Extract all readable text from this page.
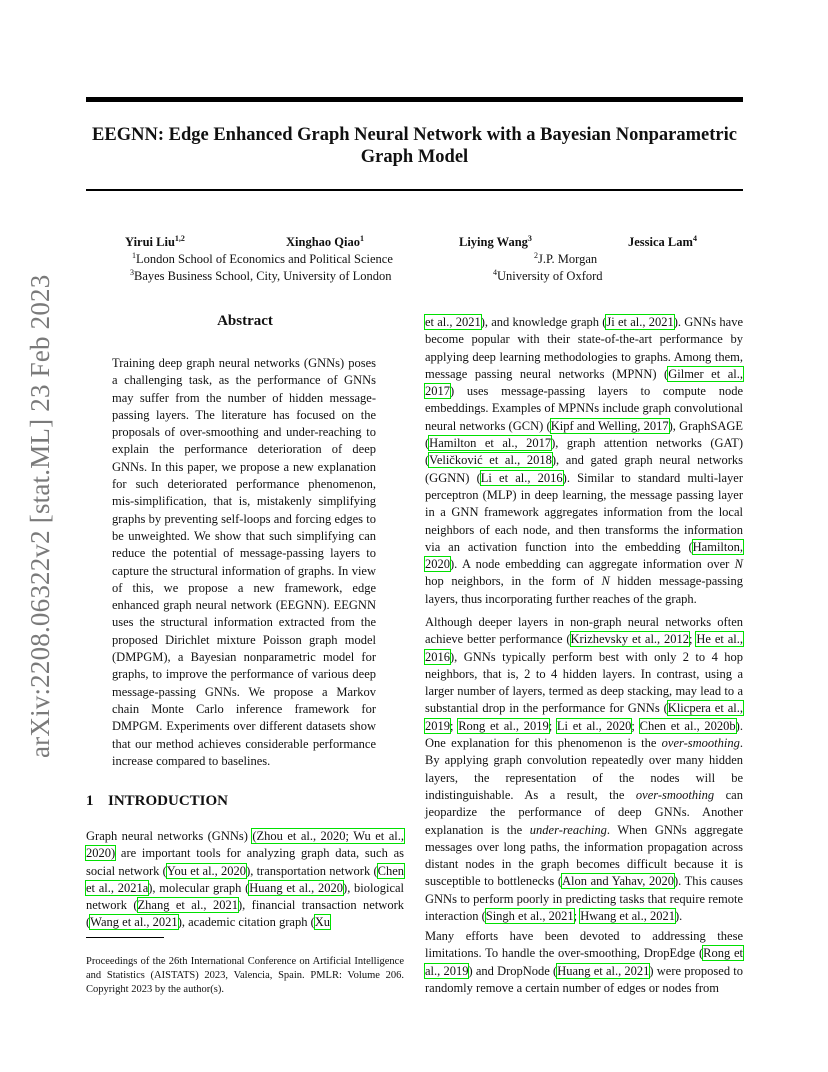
arXiv:2208.06322v2 [stat.ML] 23 Feb 2023
EEGNN: Edge Enhanced Graph Neural Network with a Bayesian Nonparametric Graph Model
Yirui Liu$^{1,2}$	Xinghao Qiao$^1$	Liying Wang$^3$	Jessica Lam$^4$
$^1$London School of Economics and Political Science	$^2$J.P. Morgan
$^3$Bayes Business School, City, University of London	$^4$University of Oxford
Abstract

Training deep graph neural networks (GNNs) poses a challenging task, as the performance of GNNs may suffer from the number of hidden message-passing layers. The literature has focused on the proposals of over-smoothing and under-reaching to explain the performance deterioration of deep GNNs. In this paper, we propose a new explanation for such deteriorated performance phenomenon, mis-simplification, that is, mistakenly simplifying graphs by preventing self-loops and forcing edges to be unweighted. We show that such simplifying can reduce the potential of message-passing layers to capture the structural information of graphs. In view of this, we propose a new framework, edge enhanced graph neural network (EEGNN). EEGNN uses the structural information extracted from the proposed Dirichlet mixture Poisson graph model (DMPGM), a Bayesian nonparametric model for graphs, to improve the performance of various deep message-passing GNNs. We propose a Markov chain Monte Carlo inference framework for DMPGM. Experiments over different datasets show that our method achieves considerable performance increase compared to baselines.

1 INTRODUCTION

Graph neural networks (GNNs) (Zhou et al., 2020; Wu et al., 2020) are important tools for analyzing graph data, such as social network (You et al., 2020), transportation network (Chen et al., 2021a), molecular graph (Huang et al., 2020), biological network (Zhang et al., 2021), financial transaction network (Wang et al., 2021), academic citation graph (Xu

Proceedings of the 26th International Conference on Artificial Intelligence and Statistics (AISTATS) 2023, Valencia, Spain. PMLR: Volume 206. Copyright 2023 by the author(s).

et al., 2021), and knowledge graph (Ji et al., 2021). GNNs have become popular with their state-of-the-art performance by applying deep learning methodologies to graphs. Among them, message passing neural networks (MPNN) (Gilmer et al., 2017) uses message-passing layers to compute node embeddings. Examples of MPNNs include graph convolutional neural networks (GCN) (Kipf and Welling, 2017), GraphSAGE (Hamilton et al., 2017), graph attention networks (GAT) (Veličković et al., 2018), and gated graph neural networks (GGNN) (Li et al., 2016). Similar to standard multi-layer perceptron (MLP) in deep learning, the message passing layer in a GNN framework aggregates information from the local neighbors of each node, and then transforms the information via an activation function into the embedding (Hamilton, 2020). A node embedding can aggregate information over N hop neighbors, in the form of N hidden message-passing layers, thus incorporating further reaches of the graph.

Although deeper layers in non-graph neural networks often achieve better performance (Krizhevsky et al., 2012; He et al., 2016), GNNs typically perform best with only 2 to 4 hop neighbors, that is, 2 to 4 hidden layers. In contrast, using a larger number of layers, termed as deep stacking, may lead to a substantial drop in the performance for GNNs (Klicpera et al., 2019; Rong et al., 2019; Li et al., 2020; Chen et al., 2020b). One explanation for this phenomenon is the over-smoothing. By applying graph convolution repeatedly over many hidden layers, the representation of the nodes will be indistinguishable. As a result, the over-smoothing can jeopardize the performance of deep GNNs. Another explanation is the under-reaching. When GNNs aggregate messages over long paths, the information propagation across distant nodes in the graph becomes difficult because it is susceptible to bottlenecks (Alon and Yahav, 2020). This causes GNNs to perform poorly in predicting tasks that require remote interaction (Singh et al., 2021; Hwang et al., 2021).

Many efforts have been devoted to addressing these limitations. To handle the over-smoothing, DropEdge (Rong et al., 2019) and DropNode (Huang et al., 2021) were proposed to randomly remove a certain number of edges or nodes from
